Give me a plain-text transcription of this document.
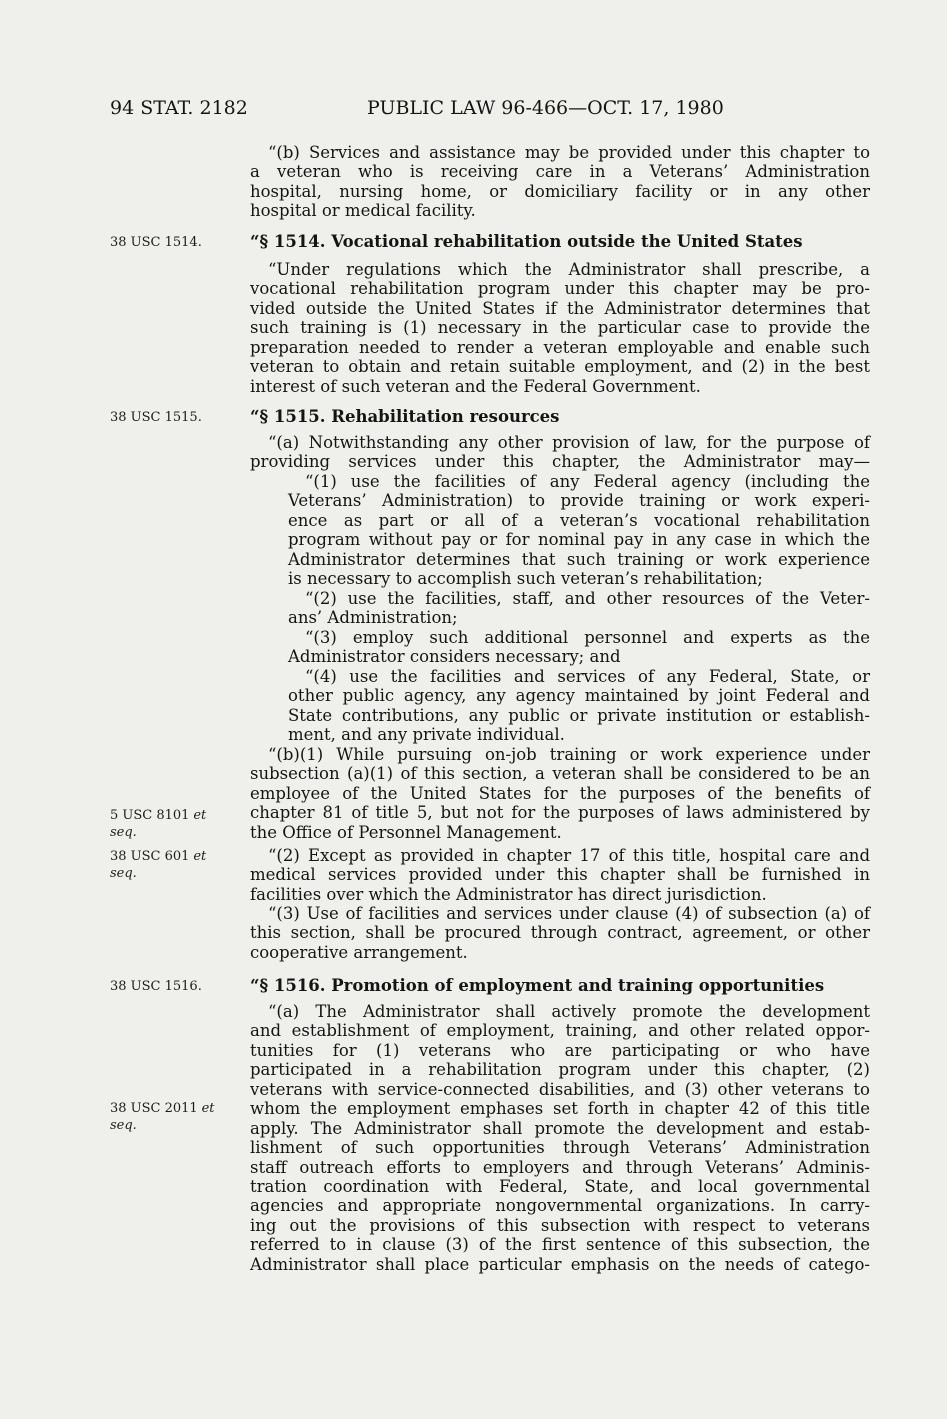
94 STAT. 2182	PUBLIC LAW 96-466—OCT. 17, 1980
“(b) Services and assistance may be provided under this chapter to
a veteran who is receiving care in a Veterans’ Administration
hospital, nursing home, or domiciliary facility or in any other
hospital or medical facility.
38 USC 1514.	“§ 1514. Vocational rehabilitation outside the United States
“Under regulations which the Administrator shall prescribe, a
vocational rehabilitation program under this chapter may be pro-
vided outside the United States if the Administrator determines that
such training is (1) necessary in the particular case to provide the
preparation needed to render a veteran employable and enable such
veteran to obtain and retain suitable employment, and (2) in the best
interest of such veteran and the Federal Government.
38 USC 1515.	“§ 1515. Rehabilitation resources
“(a) Notwithstanding any other provision of law, for the purpose of
providing services under this chapter, the Administrator may—
“(1) use the facilities of any Federal agency (including the
Veterans’ Administration) to provide training or work experi-
ence as part or all of a veteran’s vocational rehabilitation
program without pay or for nominal pay in any case in which the
Administrator determines that such training or work experience
is necessary to accomplish such veteran’s rehabilitation;
“(2) use the facilities, staff, and other resources of the Veter-
ans’ Administration;
“(3) employ such additional personnel and experts as the
Administrator considers necessary; and
“(4) use the facilities and services of any Federal, State, or
other public agency, any agency maintained by joint Federal and
State contributions, any public or private institution or establish-
ment, and any private individual.
“(b)(1) While pursuing on-job training or work experience under
subsection (a)(1) of this section, a veteran shall be considered to be an
employee of the United States for the purposes of the benefits of
chapter 81 of title 5, but not for the purposes of laws administered by
the Office of Personnel Management.
5 USC 8101 et
seq.
38 USC 601 et
seq.
“(2) Except as provided in chapter 17 of this title, hospital care and
medical services provided under this chapter shall be furnished in
facilities over which the Administrator has direct jurisdiction.
“(3) Use of facilities and services under clause (4) of subsection (a) of
this section, shall be procured through contract, agreement, or other
cooperative arrangement.
38 USC 1516.	“§ 1516. Promotion of employment and training opportunities
38 USC 2011 et
seq.
“(a) The Administrator shall actively promote the development
and establishment of employment, training, and other related oppor-
tunities for (1) veterans who are participating or who have
participated in a rehabilitation program under this chapter, (2)
veterans with service-connected disabilities, and (3) other veterans to
whom the employment emphases set forth in chapter 42 of this title
apply. The Administrator shall promote the development and estab-
lishment of such opportunities through Veterans’ Administration
staff outreach efforts to employers and through Veterans’ Adminis-
tration coordination with Federal, State, and local governmental
agencies and appropriate nongovernmental organizations. In carry-
ing out the provisions of this subsection with respect to veterans
referred to in clause (3) of the first sentence of this subsection, the
Administrator shall place particular emphasis on the needs of catego-
